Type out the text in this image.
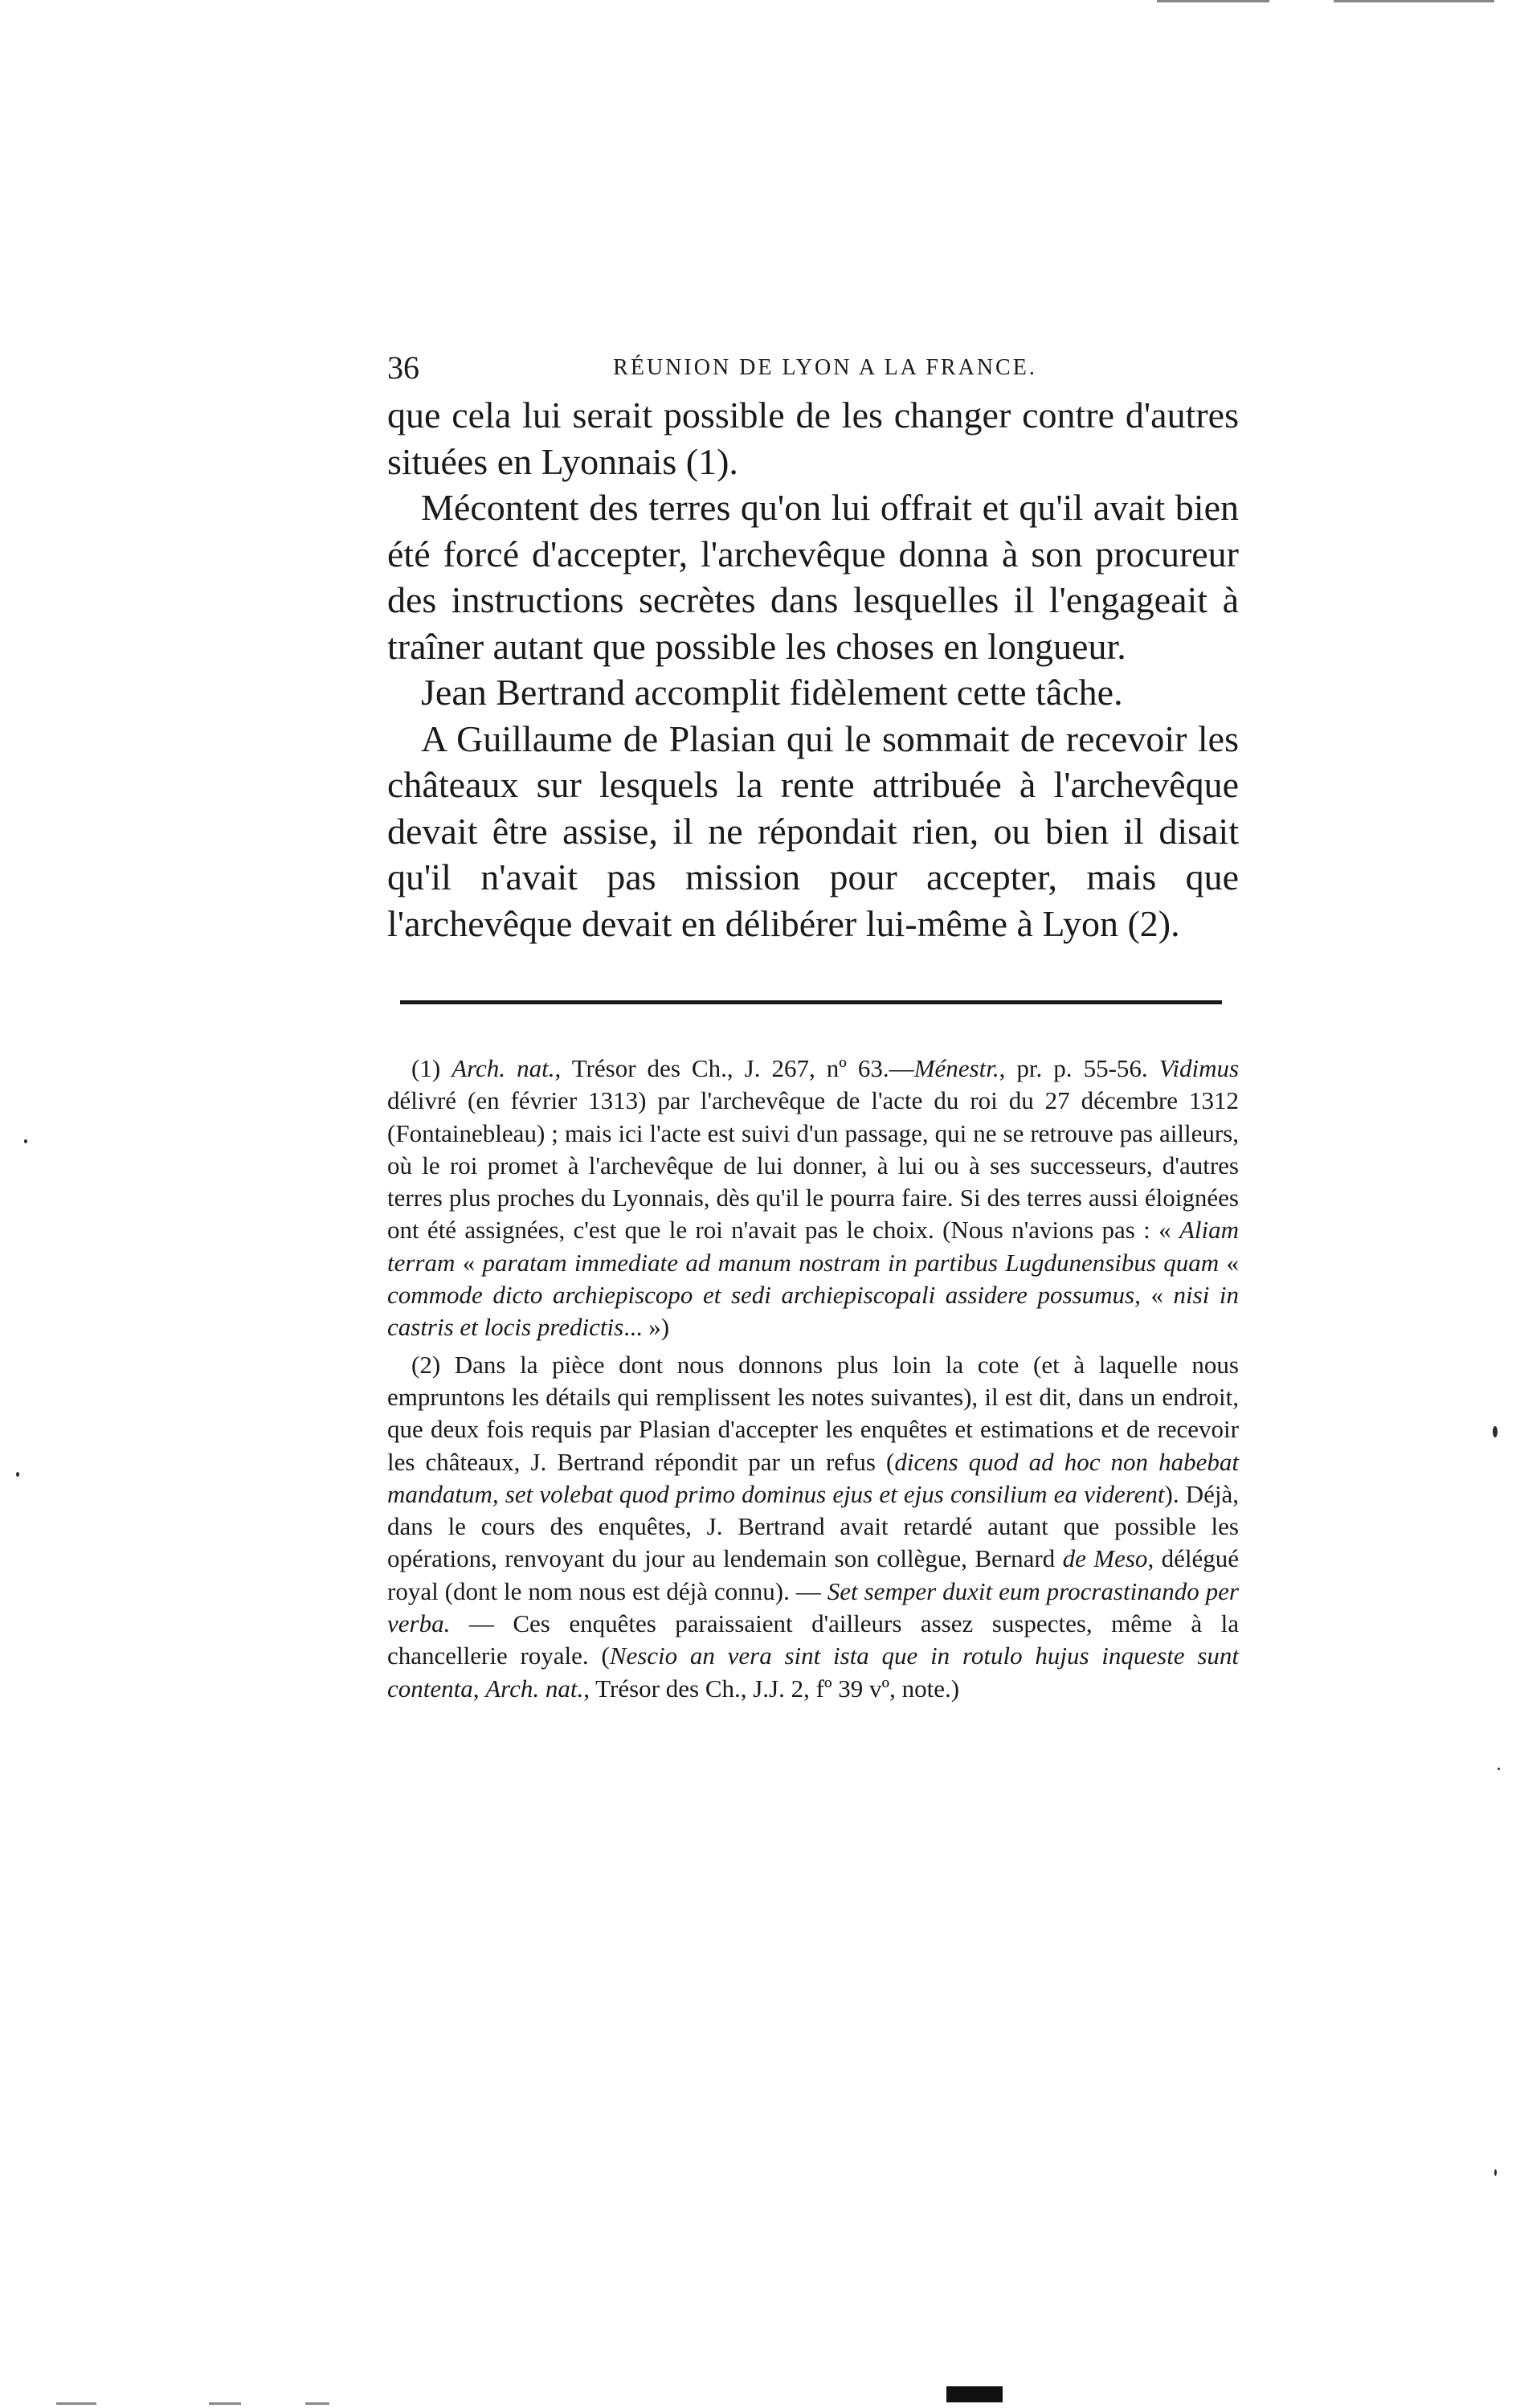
36	RÉUNION DE LYON A LA FRANCE.

que cela lui serait possible de les changer contre d'autres situées en Lyonnais (1).

Mécontent des terres qu'on lui offrait et qu'il avait bien été forcé d'accepter, l'archevêque donna à son procureur des instructions secrètes dans lesquelles il l'engageait à traîner autant que possible les choses en longueur.

Jean Bertrand accomplit fidèlement cette tâche.

A Guillaume de Plasian qui le sommait de recevoir les châteaux sur lesquels la rente attribuée à l'archevêque devait être assise, il ne répondait rien, ou bien il disait qu'il n'avait pas mission pour accepter, mais que l'archevêque devait en délibérer lui-même à Lyon (2).

(1) Arch. nat., Trésor des Ch., J. 267, nº 63.—Ménestr., pr. p. 55-56. Vidimus délivré (en février 1313) par l'archevêque de l'acte du roi du 27 décembre 1312 (Fontainebleau) ; mais ici l'acte est suivi d'un passage, qui ne se retrouve pas ailleurs, où le roi promet à l'archevêque de lui donner, à lui ou à ses successeurs, d'autres terres plus proches du Lyonnais, dès qu'il le pourra faire. Si des terres aussi éloignées ont été assignées, c'est que le roi n'avait pas le choix. (Nous n'avions pas : « Aliam terram « paratam immediate ad manum nostram in partibus Lugdunensibus quam « commode dicto archiepiscopo et sedi archiepiscopali assidere possumus, « nisi in castris et locis predictis... »)

(2) Dans la pièce dont nous donnons plus loin la cote (et à laquelle nous empruntons les détails qui remplissent les notes suivantes), il est dit, dans un endroit, que deux fois requis par Plasian d'accepter les enquêtes et estimations et de recevoir les châteaux, J. Bertrand répondit par un refus (dicens quod ad hoc non habebat mandatum, set volebat quod primo dominus ejus et ejus consilium ea viderent). Déjà, dans le cours des enquêtes, J. Bertrand avait retardé autant que possible les opérations, renvoyant du jour au lendemain son collègue, Bernard de Meso, délégué royal (dont le nom nous est déjà connu). — Set semper duxit eum procrastinando per verba. — Ces enquêtes paraissaient d'ailleurs assez suspectes, même à la chancellerie royale. (Nescio an vera sint ista que in rotulo hujus inqueste sunt contenta, Arch. nat., Trésor des Ch., J.J. 2, fº 39 vº, note.)
